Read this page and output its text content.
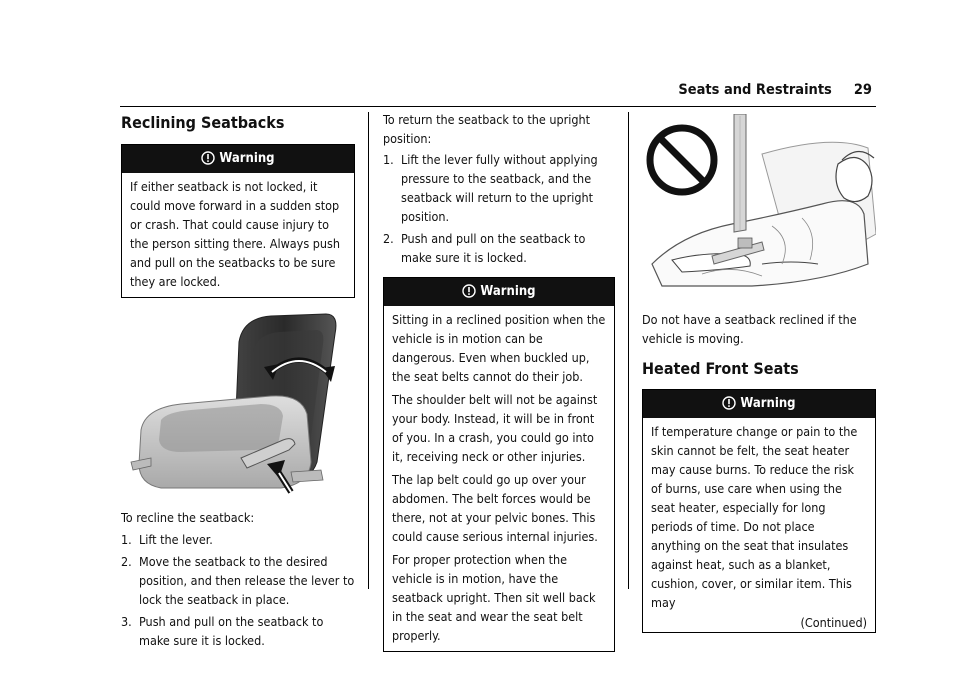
Seats and Restraints 29
Reclining Seatbacks
Warning

If either seatback is not locked, it could move forward in a sudden stop or crash. That could cause injury to the person sitting there. Always push and pull on the seatbacks to be sure they are locked.

To recline the seatback:

1. Lift the lever.
2. Move the seatback to the desired position, and then release the lever to lock the seatback in place.
3. Push and pull on the seatback to make sure it is locked.

To return the seatback to the upright position:

1. Lift the lever fully without applying pressure to the seatback, and the seatback will return to the upright position.
2. Push and pull on the seatback to make sure it is locked.
Warning

Sitting in a reclined position when the vehicle is in motion can be dangerous. Even when buckled up, the seat belts cannot do their job.

The shoulder belt will not be against your body. Instead, it will be in front of you. In a crash, you could go into it, receiving neck or other injuries.

The lap belt could go up over your abdomen. The belt forces would be there, not at your pelvic bones. This could cause serious internal injuries.

For proper protection when the vehicle is in motion, have the seatback upright. Then sit well back in the seat and wear the seat belt properly.

Do not have a seatback reclined if the vehicle is moving.

Heated Front Seats
Warning

If temperature change or pain to the skin cannot be felt, the seat heater may cause burns. To reduce the risk of burns, use care when using the seat heater, especially for long periods of time. Do not place anything on the seat that insulates against heat, such as a blanket, cushion, cover, or similar item. This may

(Continued)
